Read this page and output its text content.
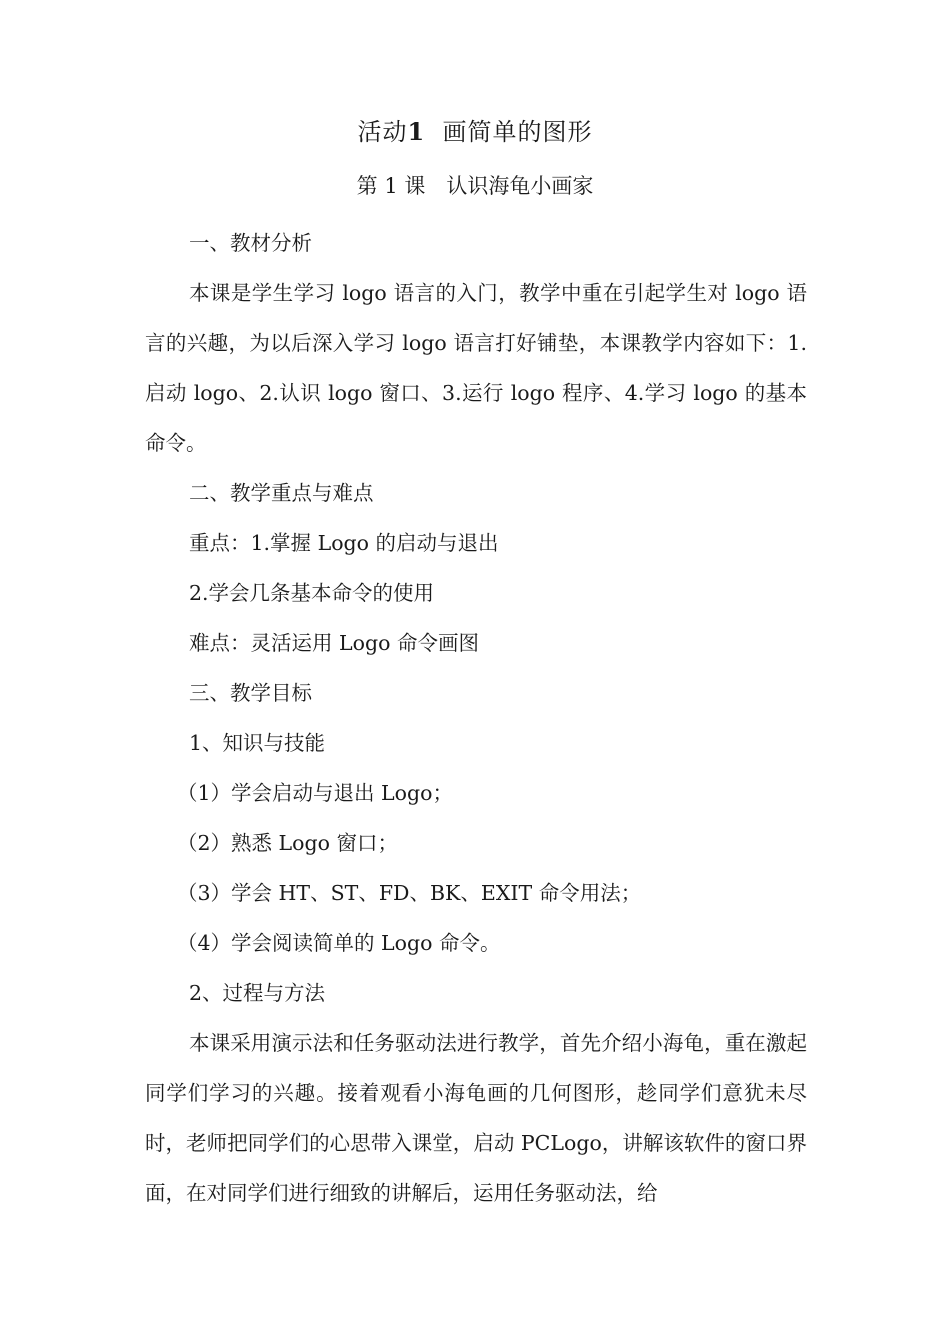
活动1 画简单的图形
第 1 课　认识海龟小画家

一、教材分析

本课是学生学习 logo 语言的入门，教学中重在引起学生对 logo 语言的兴趣，为以后深入学习 logo 语言打好铺垫，本课教学内容如下：1.启动 logo、2.认识 logo 窗口、3.运行 logo 程序、4.学习 logo 的基本命令。

二、教学重点与难点

重点：1.掌握 Logo 的启动与退出

2.学会几条基本命令的使用

难点：灵活运用 Logo 命令画图

三、教学目标

1、知识与技能

（1）学会启动与退出 Logo；

（2）熟悉 Logo 窗口；

（3）学会 HT、ST、FD、BK、EXIT 命令用法；

（4）学会阅读简单的 Logo 命令。

2、过程与方法

本课采用演示法和任务驱动法进行教学，首先介绍小海龟，重在激起同学们学习的兴趣。接着观看小海龟画的几何图形，趁同学们意犹未尽时，老师把同学们的心思带入课堂，启动 PCLogo，讲解该软件的窗口界面，在对同学们进行细致的讲解后，运用任务驱动法，给
